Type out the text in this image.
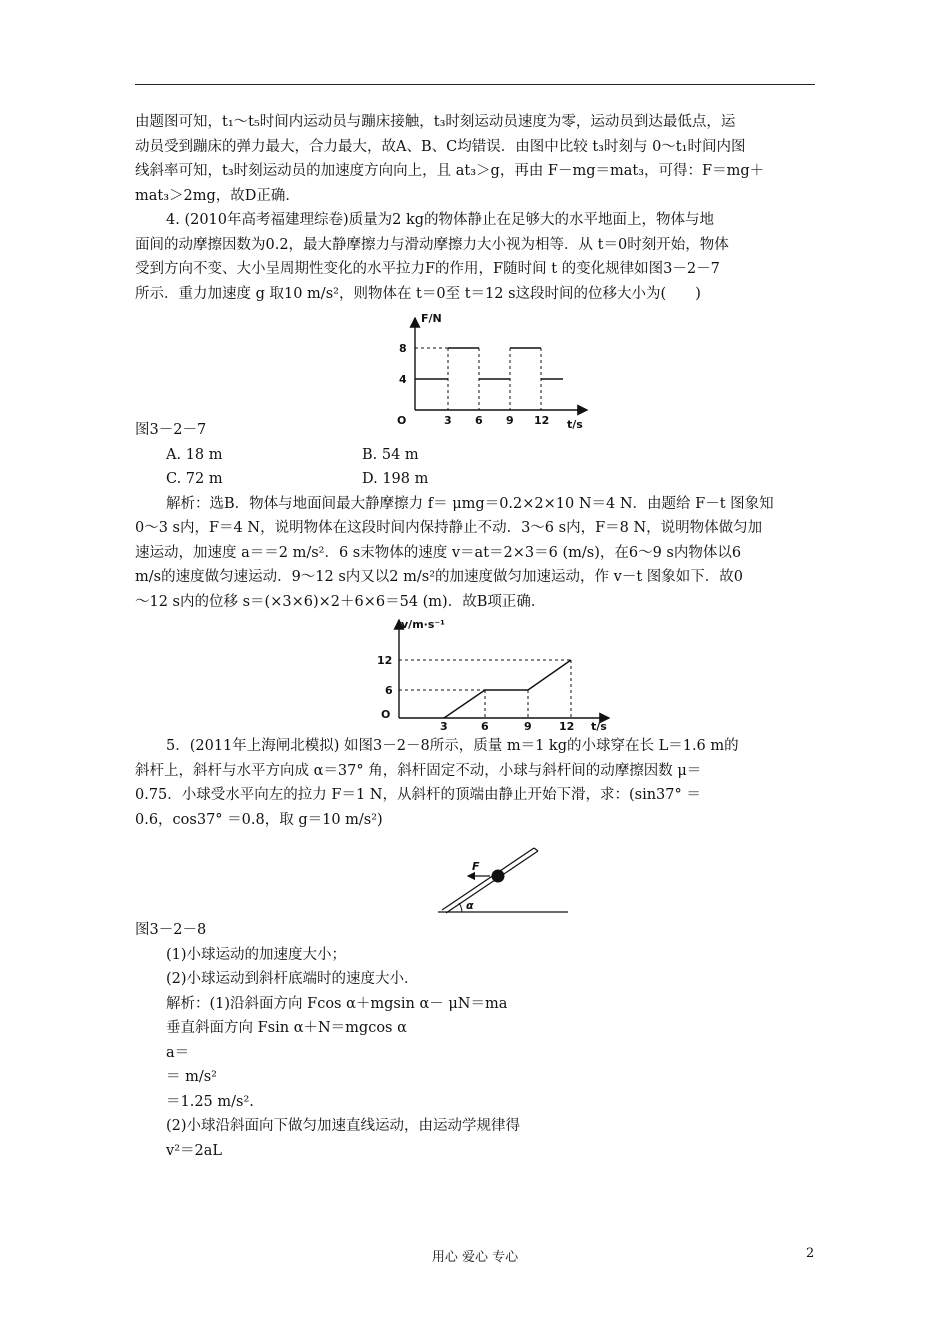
由题图可知，t₁～t₅时间内运动员与蹦床接触，t₃时刻运动员速度为零，运动员到达最低点，运

动员受到蹦床的弹力最大，合力最大，故A、B、C均错误．由图中比较 t₃时刻与 0～t₁时间内图

线斜率可知，t₃时刻运动员的加速度方向向上，且 at₃＞g，再由 F－mg＝mat₃，可得：F＝mg＋

mat₃＞2mg，故D正确．

4. (2010年高考福建理综卷)质量为2 kg的物体静止在足够大的水平地面上，物体与地

面间的动摩擦因数为0.2，最大静摩擦力与滑动摩擦力大小视为相等．从 t＝0时刻开始，物体

受到方向不变、大小呈周期性变化的水平拉力F的作用，F随时间 t 的变化规律如图3－2－7

所示．重力加速度 g 取10 m/s²，则物体在 t＝0至 t＝12 s这段时间的位移大小为(　　)

F/N
t/s
O
4
8
3 6 9 12

图3－2－7

A. 18 m	B. 54 m
C. 72 m	D. 198 m

解析：选B．物体与地面间最大静摩擦力 f＝ μmg＝0.2×2×10 N＝4 N．由题给 F－t 图象知

0～3 s内，F＝4 N，说明物体在这段时间内保持静止不动．3～6 s内，F＝8 N，说明物体做匀加

速运动，加速度 a＝＝2 m/s²．6 s末物体的速度 v＝at＝2×3＝6 (m/s)，在6～9 s内物体以6

m/s的速度做匀速运动．9～12 s内又以2 m/s²的加速度做匀加速运动，作 v－t 图象如下．故0

～12 s内的位移 s＝(×3×6)×2＋6×6＝54 (m)．故B项正确．

v/m·s⁻¹
t/s
O
6
12
3	6	9 12

5．(2011年上海闸北模拟) 如图3－2－8所示，质量 m＝1 kg的小球穿在长 L＝1.6 m的

斜杆上，斜杆与水平方向成 α＝37° 角，斜杆固定不动，小球与斜杆间的动摩擦因数 μ＝

0.75．小球受水平向左的拉力 F＝1 N，从斜杆的顶端由静止开始下滑，求：(sin37° ＝

0.6，cos37° ＝0.8，取 g＝10 m/s²)

F
α

图3－2－8

(1)小球运动的加速度大小；

(2)小球运动到斜杆底端时的速度大小．

解析：(1)沿斜面方向 Fcos α＋mgsin α－ μN＝ma

垂直斜面方向 Fsin α＋N＝mgcos α

a＝

＝ m/s²

＝1.25 m/s².

(2)小球沿斜面向下做匀加速直线运动，由运动学规律得

v²＝2aL

用心 爱心 专心	2
